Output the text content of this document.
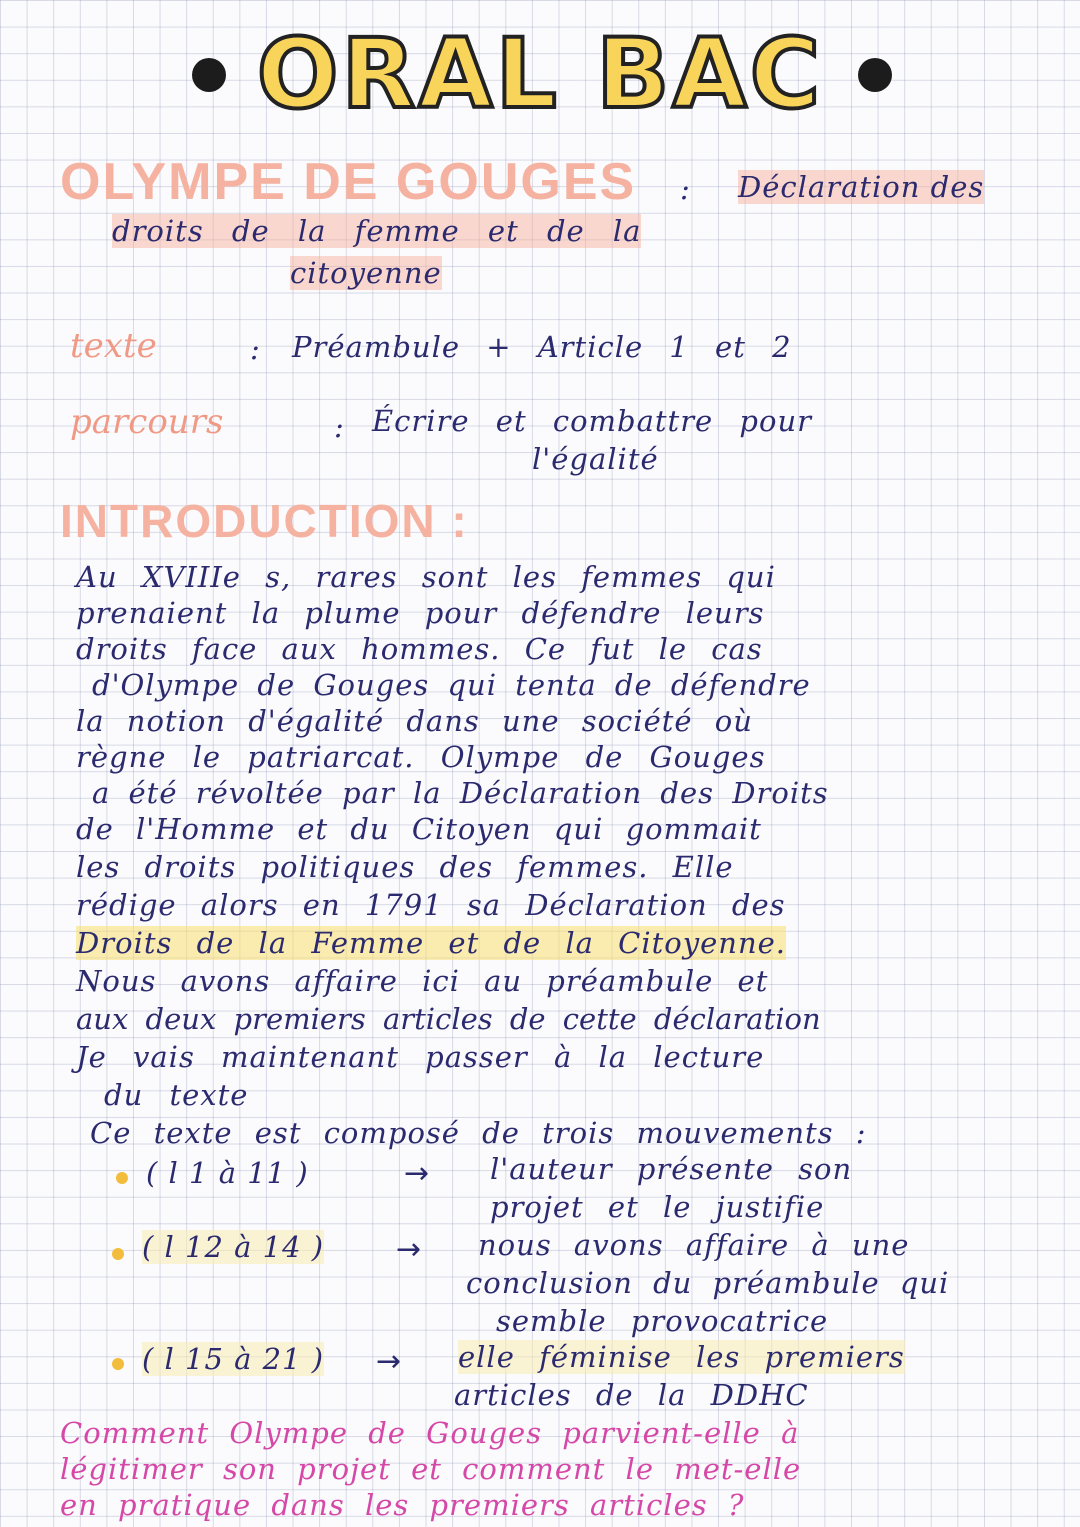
ORAL BAC
OLYMPE DE GOUGES : Déclaration des
droits de la femme et de la
citoyenne
texte	: Préambule + Article 1 et 2
parcours	: Écrire et combattre pour
l'égalité
INTRODUCTION :
Au XVIIIe s, rares sont les femmes qui
prenaient la plume pour défendre leurs
droits face aux hommes. Ce fut le cas
d'Olympe de Gouges qui tenta de défendre
la notion d'égalité dans une société où
règne le patriarcat. Olympe de Gouges
a été révoltée par la Déclaration des Droits
de l'Homme et du Citoyen qui gommait
les droits politiques des femmes. Elle
rédige alors en 1791 sa Déclaration des
Droits de la Femme et de la Citoyenne.
Nous avons affaire ici au préambule et
aux deux premiers articles de cette déclaration
Je vais maintenant passer à la lecture
du texte
Ce texte est composé de trois mouvements :
( l 1 à 11 )	→ l'auteur présente son
projet et le justifie
( l 12 à 14 ) → nous avons affaire à une
conclusion du préambule qui
semble provocatrice
( l 15 à 21 ) → elle féminise les premiers
articles de la DDHC
Comment Olympe de Gouges parvient-elle à
légitimer son projet et comment le met-elle
en pratique dans les premiers articles ?
